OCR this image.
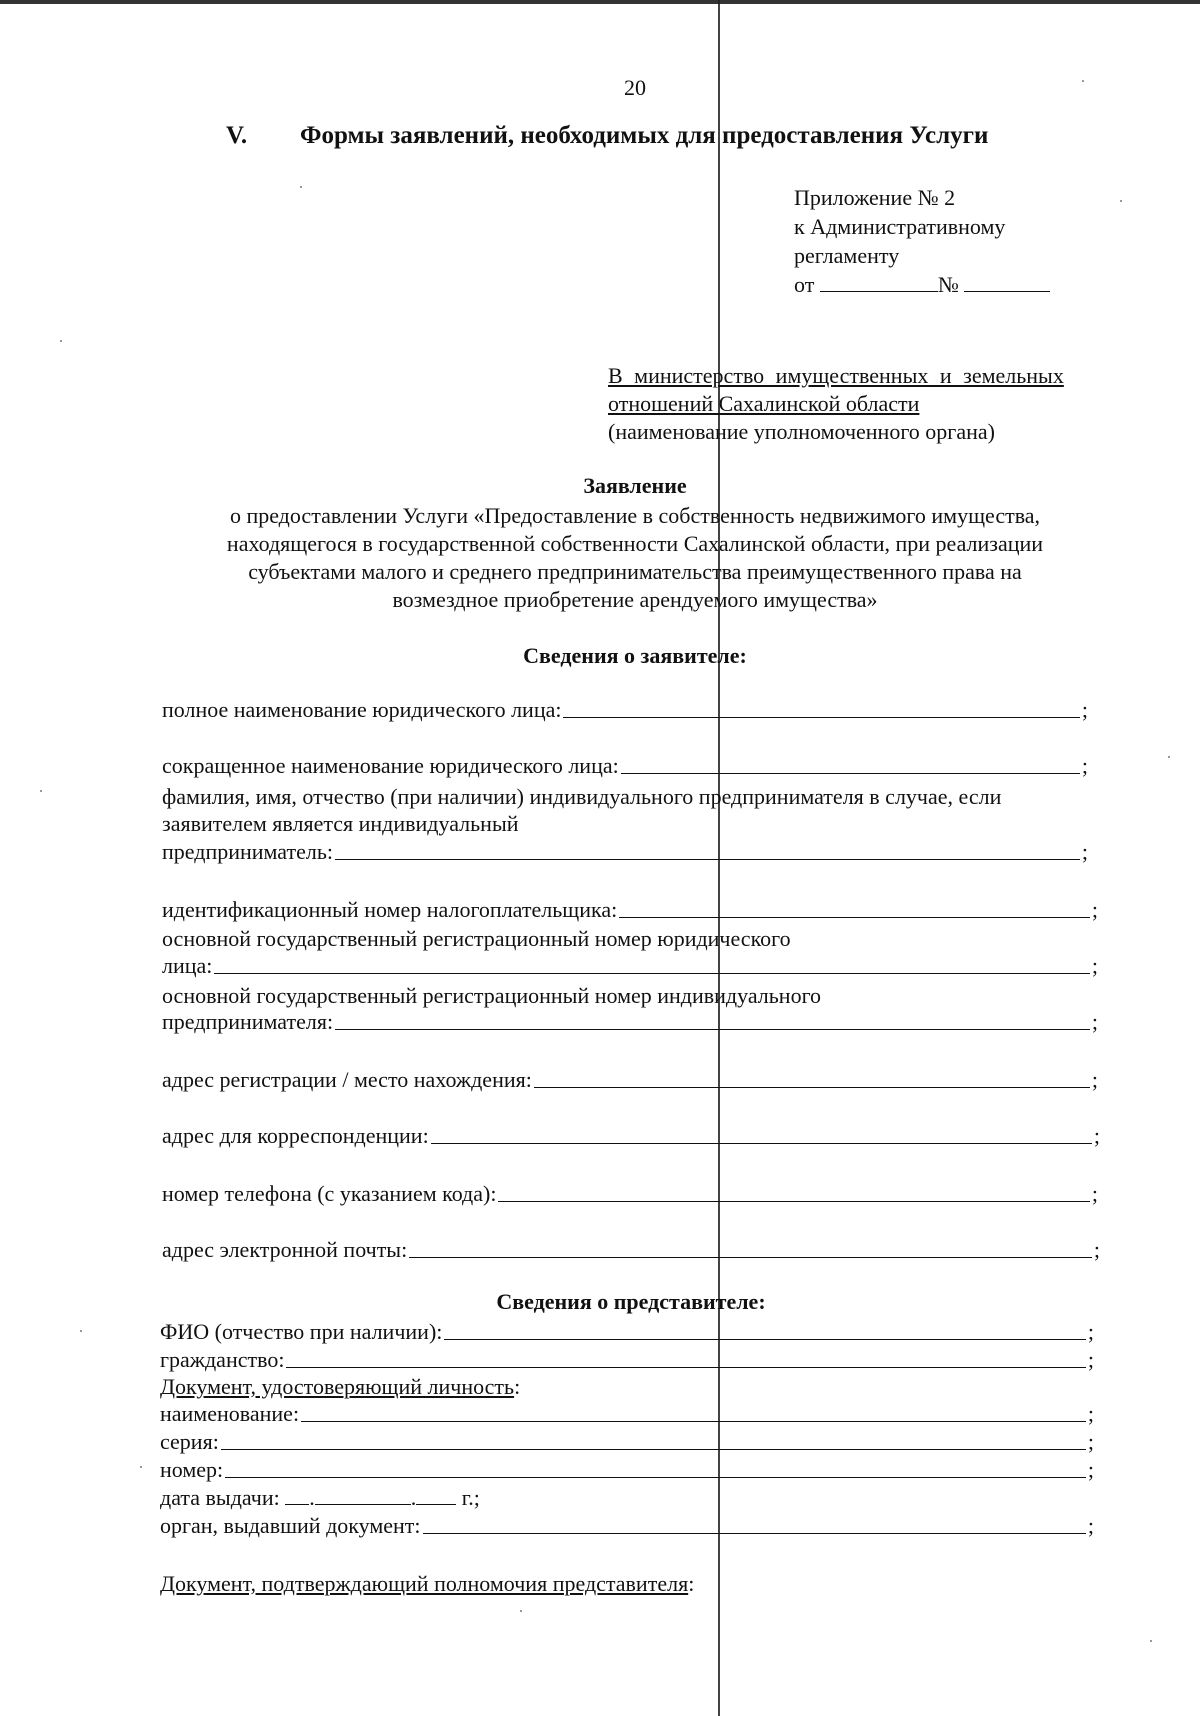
20
V. Формы заявлений, необходимых для предоставления Услуги
Приложение № 2
к Административному
регламенту
от	№
В министерство имущественных и земельных
отношений Сахалинской области
(наименование уполномоченного органа)
Заявление
о предоставлении Услуги «Предоставление в собственность недвижимого имущества,
находящегося в государственной собственности Сахалинской области, при реализации
субъектами малого и среднего предпринимательства преимущественного права на
возмездное приобретение арендуемого имущества»
Сведения о заявителе:
полное наименование юридического лица:	;
сокращенное наименование юридического лица:	;
фамилия, имя, отчество (при наличии) индивидуального предпринимателя в случае, если
заявителем является индивидуальный
предприниматель:	;
идентификационный номер налогоплательщика:	;
основной государственный регистрационный номер юридического
лица:	;
основной государственный регистрационный номер индивидуального
предпринимателя:	;
адрес регистрации / место нахождения:	;
адрес для корреспонденции:	;
номер телефона (с указанием кода):	;
адрес электронной почты:	;
Сведения о представителе:
ФИО (отчество при наличии):	;
гражданство:	;
Документ, удостоверяющий личность:
наименование:	;
серия:	;
номер:	;
дата выдачи: .	. г.;
орган, выдавший документ:	;
Документ, подтверждающий полномочия представителя:
